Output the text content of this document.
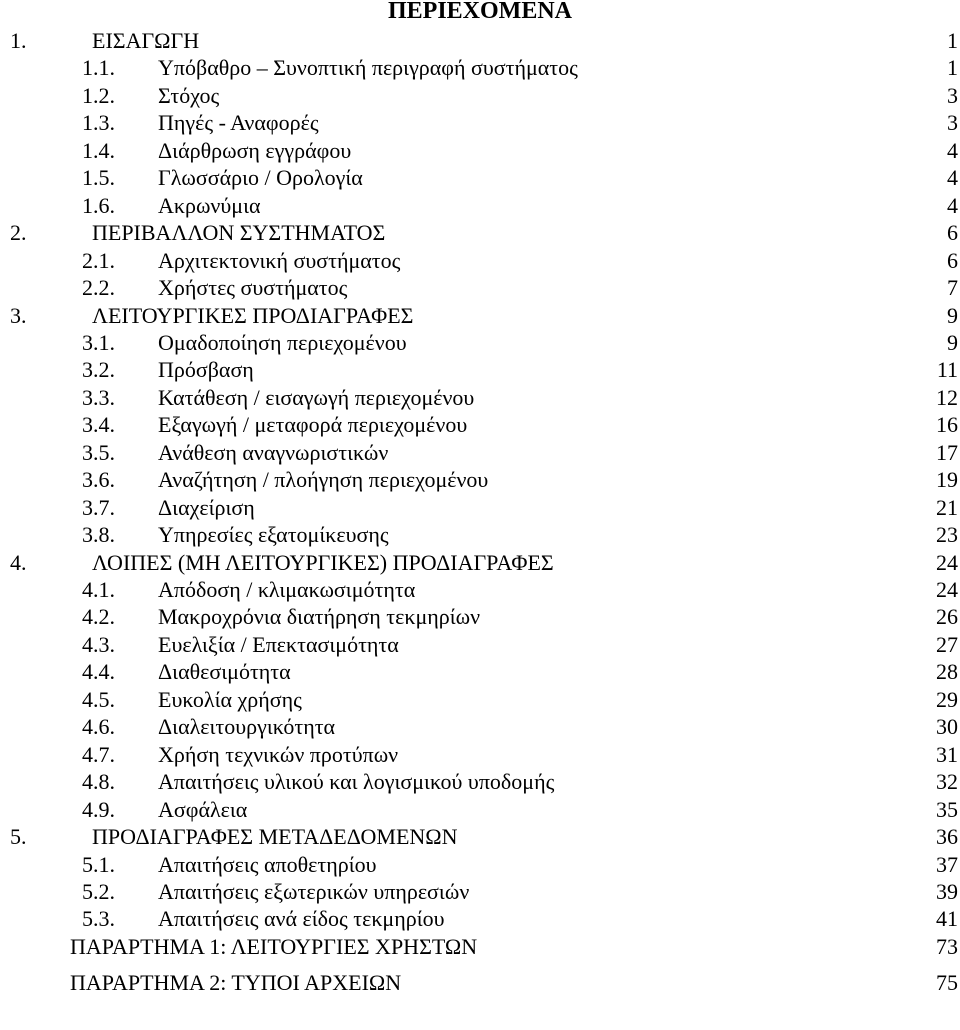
ΠΕΡΙΕΧΟΜΕΝΑ
1.	ΕΙΣΑΓΩΓΗ	1
1.1. Υπόβαθρο – Συνοπτική περιγραφή συστήματος	1
1.2. Στόχος	3
1.3. Πηγές - Αναφορές	3
1.4. Διάρθρωση εγγράφου	4
1.5. Γλωσσάριο / Ορολογία	4
1.6. Ακρωνύμια	4
2.	ΠΕΡΙΒΑΛΛΟΝ ΣΥΣΤΗΜΑΤΟΣ	6
2.1. Αρχιτεκτονική συστήματος	6
2.2. Χρήστες συστήματος	7
3.	ΛΕΙΤΟΥΡΓΙΚΕΣ ΠΡΟΔΙΑΓΡΑΦΕΣ	9
3.1. Ομαδοποίηση περιεχομένου	9
3.2. Πρόσβαση	11
3.3. Κατάθεση / εισαγωγή περιεχομένου	12
3.4. Εξαγωγή / μεταφορά περιεχομένου	16
3.5. Ανάθεση αναγνωριστικών	17
3.6. Αναζήτηση / πλοήγηση περιεχομένου	19
3.7. Διαχείριση	21
3.8. Υπηρεσίες εξατομίκευσης	23
4.	ΛΟΙΠΕΣ (ΜΗ ΛΕΙΤΟΥΡΓΙΚΕΣ) ΠΡΟΔΙΑΓΡΑΦΕΣ	24
4.1. Απόδοση / κλιμακωσιμότητα	24
4.2. Μακροχρόνια διατήρηση τεκμηρίων	26
4.3. Ευελιξία / Επεκτασιμότητα	27
4.4. Διαθεσιμότητα	28
4.5. Ευκολία χρήσης	29
4.6. Διαλειτουργικότητα	30
4.7. Χρήση τεχνικών προτύπων	31
4.8. Απαιτήσεις υλικού και λογισμικού υποδομής	32
4.9. Ασφάλεια	35
5.	ΠΡΟΔΙΑΓΡΑΦΕΣ ΜΕΤΑΔΕΔΟΜΕΝΩΝ	36
5.1. Απαιτήσεις αποθετηρίου	37
5.2. Απαιτήσεις εξωτερικών υπηρεσιών	39
5.3. Απαιτήσεις ανά είδος τεκμηρίου	41
ΠΑΡΑΡΤΗΜΑ 1: ΛΕΙΤΟΥΡΓΙΕΣ ΧΡΗΣΤΩΝ	73
ΠΑΡΑΡΤΗΜΑ 2: ΤΥΠΟΙ ΑΡΧΕΙΩΝ	75
